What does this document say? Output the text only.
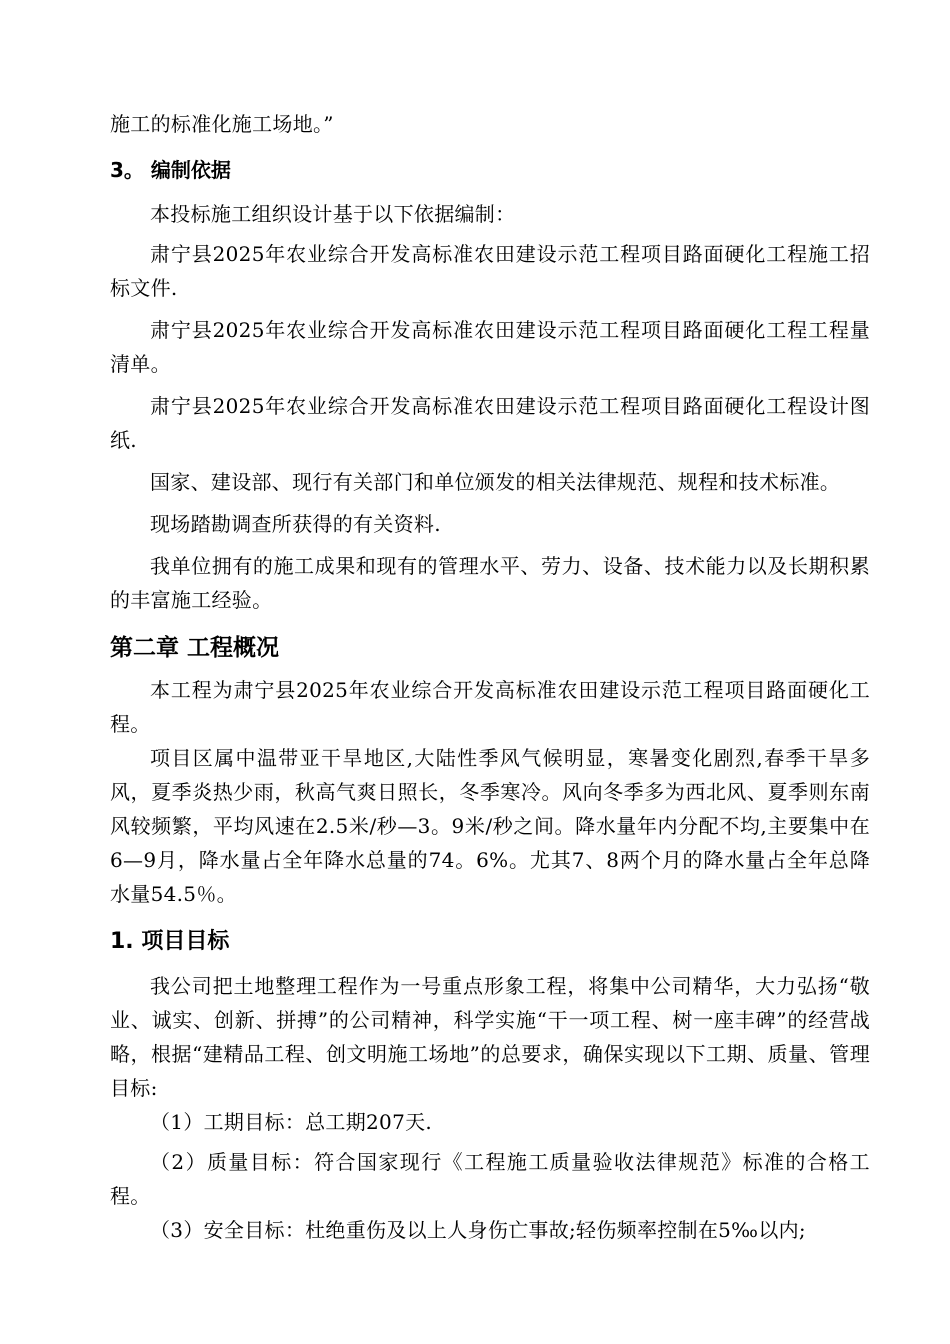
施工的标准化施工场地。”

3。 编制依据

本投标施工组织设计基于以下依据编制：

肃宁县2025年农业综合开发高标准农田建设示范工程项目路面硬化工程施工招标文件.

肃宁县2025年农业综合开发高标准农田建设示范工程项目路面硬化工程工程量清单。

肃宁县2025年农业综合开发高标准农田建设示范工程项目路面硬化工程设计图纸.

国家、建设部、现行有关部门和单位颁发的相关法律规范、规程和技术标准。

现场踏勘调查所获得的有关资料.

我单位拥有的施工成果和现有的管理水平、劳力、设备、技术能力以及长期积累的丰富施工经验。

第二章 工程概况

本工程为肃宁县2025年农业综合开发高标准农田建设示范工程项目路面硬化工程。

项目区属中温带亚干旱地区,大陆性季风气候明显，寒暑变化剧烈,春季干旱多风，夏季炎热少雨，秋高气爽日照长，冬季寒冷。风向冬季多为西北风、夏季则东南风较频繁，平均风速在2.5米/秒—3。9米/秒之间。降水量年内分配不均,主要集中在6—9月，降水量占全年降水总量的74。6%。尤其7、8两个月的降水量占全年总降水量54.5％。

1. 项目目标

我公司把土地整理工程作为一号重点形象工程，将集中公司精华，大力弘扬“敬业、诚实、创新、拼搏”的公司精神，科学实施“干一项工程、树一座丰碑”的经营战略，根据“建精品工程、创文明施工场地”的总要求，确保实现以下工期、质量、管理目标:

（1）工期目标：总工期207天.

（2）质量目标：符合国家现行《工程施工质量验收法律规范》标准的合格工程。

（3）安全目标：杜绝重伤及以上人身伤亡事故;轻伤频率控制在5‰以内;
